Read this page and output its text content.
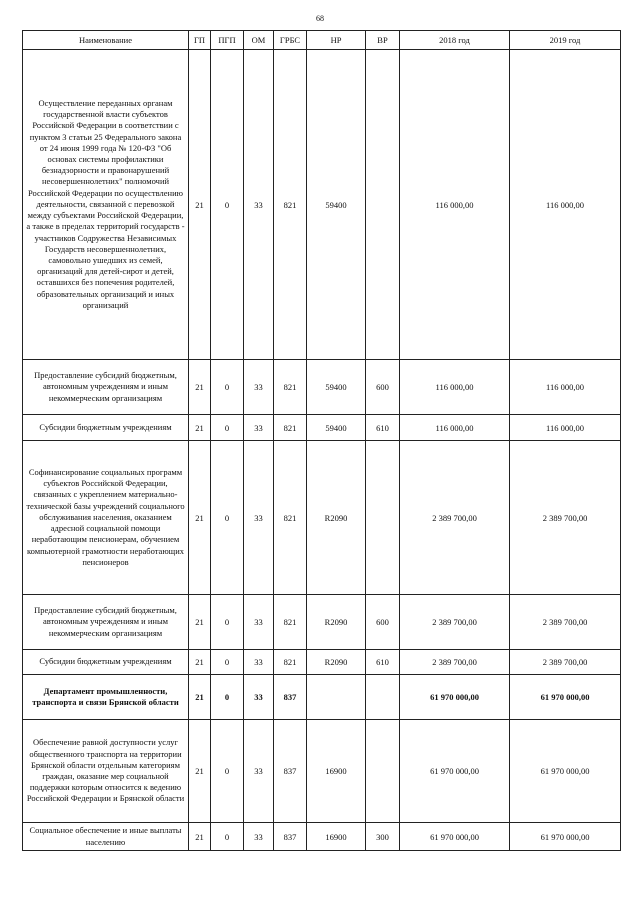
68
Наименование	ГП	ПГП	ОМ	ГРБС	НР	ВР	2018 год	2019 год
Осуществление переданных органам государственной власти субъектов Российской Федерации в соответствии с пунктом 3 статьи 25 Федерального закона от 24 июня 1999 года № 120-ФЗ "Об основах системы профилактики безнадзорности и правонарушений несовершеннолетних" полномочий Российской Федерации по осуществлению деятельности, связанной с перевозкой между субъектами Российской Федерации, а также в пределах территорий государств - участников Содружества Независимых Государств несовершеннолетних, самовольно ушедших из семей, организаций для детей-сирот и детей, оставшихся без попечения родителей, образовательных организаций и иных организаций	21	0	33	821	59400		116 000,00	116 000,00
Предоставление субсидий бюджетным, автономным учреждениям и иным некоммерческим организациям	21	0	33	821	59400	600	116 000,00	116 000,00
Субсидии бюджетным учреждениям	21	0	33	821	59400	610	116 000,00	116 000,00
Софинансирование социальных программ субъектов Российской Федерации, связанных с укреплением материально-технической базы учреждений социального обслуживания населения, оказанием адресной социальной помощи неработающим пенсионерам, обучением компьютерной грамотности неработающих пенсионеров	21	0	33	821	R2090		2 389 700,00	2 389 700,00
Предоставление субсидий бюджетным, автономным учреждениям и иным некоммерческим организациям	21	0	33	821	R2090	600	2 389 700,00	2 389 700,00
Субсидии бюджетным учреждениям	21	0	33	821	R2090	610	2 389 700,00	2 389 700,00
Департамент промышленности, транспорта и связи Брянской области	21	0	33	837			61 970 000,00	61 970 000,00
Обеспечение равной доступности услуг общественного транспорта на территории Брянской области отдельным категориям граждан, оказание мер социальной поддержки которым относится к ведению Российской Федерации и Брянской области	21	0	33	837	16900		61 970 000,00	61 970 000,00
Социальное обеспечение и иные выплаты населению	21	0	33	837	16900	300	61 970 000,00	61 970 000,00
